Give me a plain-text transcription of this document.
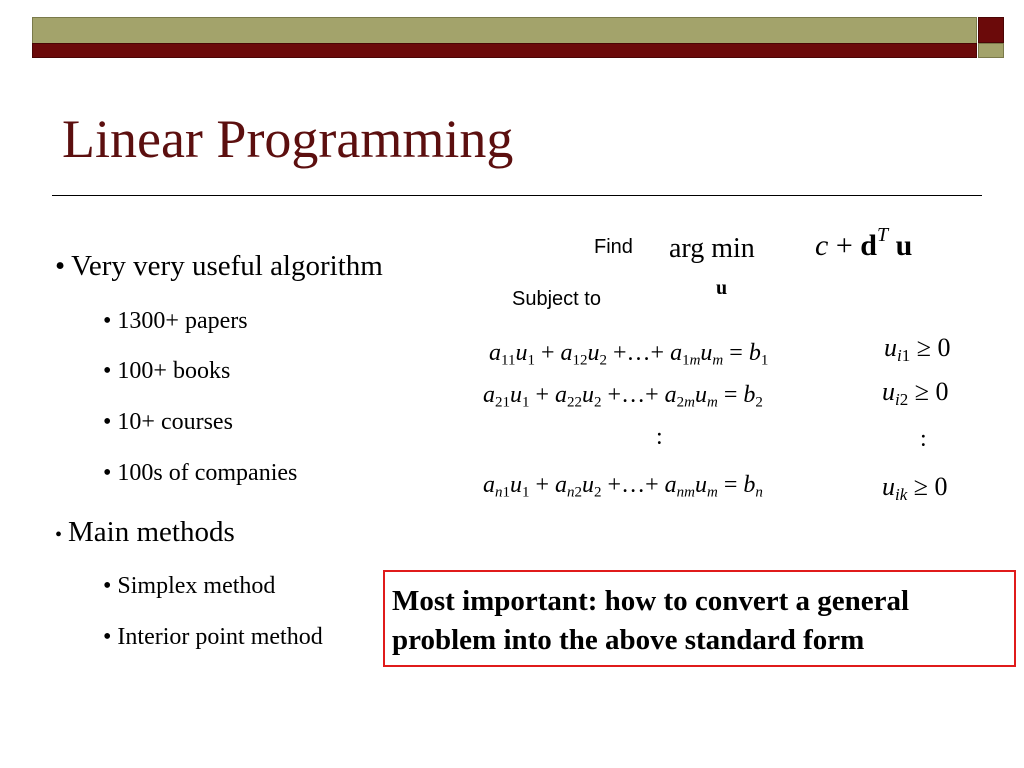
Linear Programming
• Very very useful algorithm
• 1300+ papers
• 100+ books
• 10+ courses
• 100s of companies
• Main methods
• Simplex method
• Interior point method
Find arg min
u
$c + d^T$ u
Subject to
$a_{11}u_1 + a_{12}u_2$ +…+ $a_{1m}u_m = b_1$
$a_{21}u_1 + a_{22}u_2$ +…+ $a_{2m}u_m = b_2$
:
$a_{n1}u_1 + a_{n2}u_2$ +…+ $a_{nm}u_m = b_n$
$u_{i1} \ge 0$
$u_{i2} \ge 0$
:
$u_{ik} \ge 0$

Most important: how to convert a general

problem into the above standard form
